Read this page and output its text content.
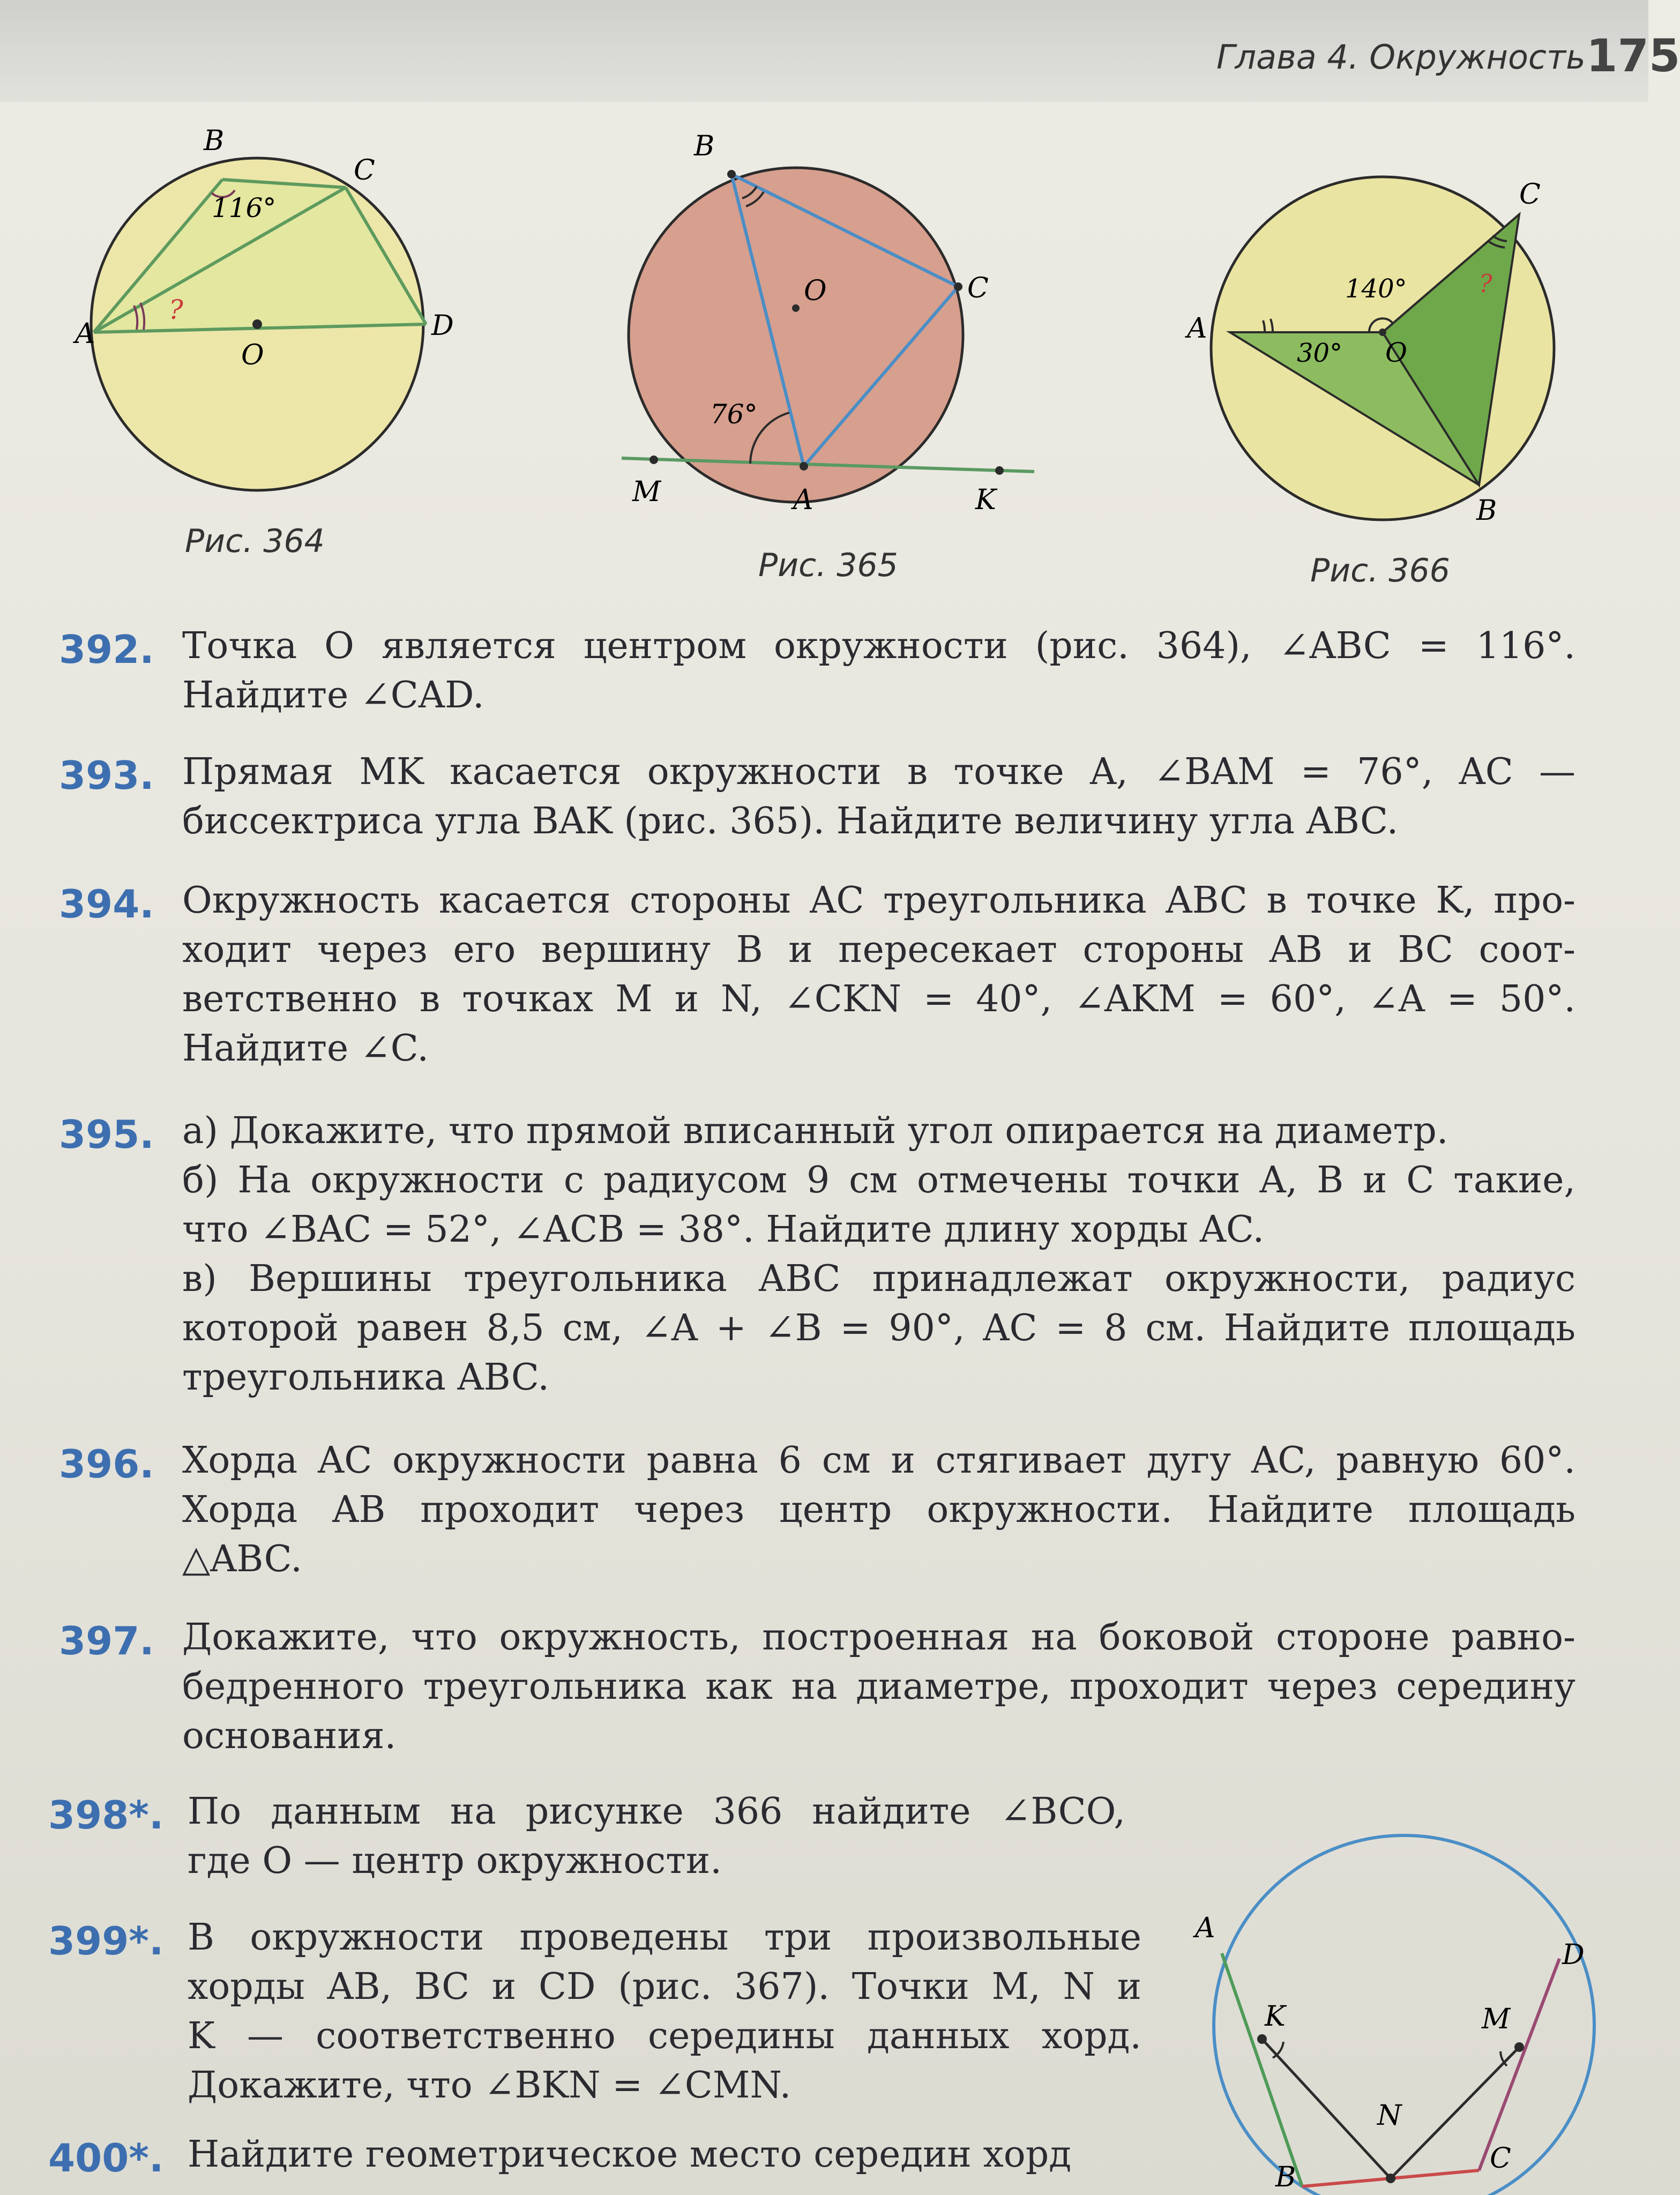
Глава 4. Окружность 175
B
C
A	D
O
116°
?
Рис. 364
B
C
O
A
M	K
76°
Рис. 365
C
A
O
B
140°
30°
?
Рис. 366
A
D
K	M
N
B
C
392. Точка O является центром окружности (рис. 364), ∠ABC = 116°.
Найдите ∠CAD.
393. Прямая MK касается окружности в точке A, ∠BAM = 76°, AC —
биссектриса угла BAK (рис. 365). Найдите величину угла ABC.
394. Окружность касается стороны AC треугольника ABC в точке K, про-
ходит через его вершину B и пересекает стороны AB и BC соот-
ветственно в точках M и N, ∠CKN = 40°, ∠AKM = 60°, ∠A = 50°.
Найдите ∠C.
395. а) Докажите, что прямой вписанный угол опирается на диаметр.
б) На окружности с радиусом 9 см отмечены точки A, B и C такие,
что ∠BAC = 52°, ∠ACB = 38°. Найдите длину хорды AC.
в) Вершины треугольника ABC принадлежат окружности, радиус
которой равен 8,5 см, ∠A + ∠B = 90°, AC = 8 см. Найдите площадь
треугольника ABC.
396. Хорда AC окружности равна 6 см и стягивает дугу AC, равную 60°.
Хорда AB проходит через центр окружности. Найдите площадь
△ABC.
397. Докажите, что окружность, построенная на боковой стороне равно-
бедренного треугольника как на диаметре, проходит через середину
основания.
398*. По данным на рисунке 366 найдите ∠BCO,
где O — центр окружности.
399*. В окружности проведены три произвольные
хорды AB, BC и CD (рис. 367). Точки M, N и
K — соответственно середины данных хорд.
Докажите, что ∠BKN = ∠CMN.
400*. Найдите геометрическое место середин хорд
